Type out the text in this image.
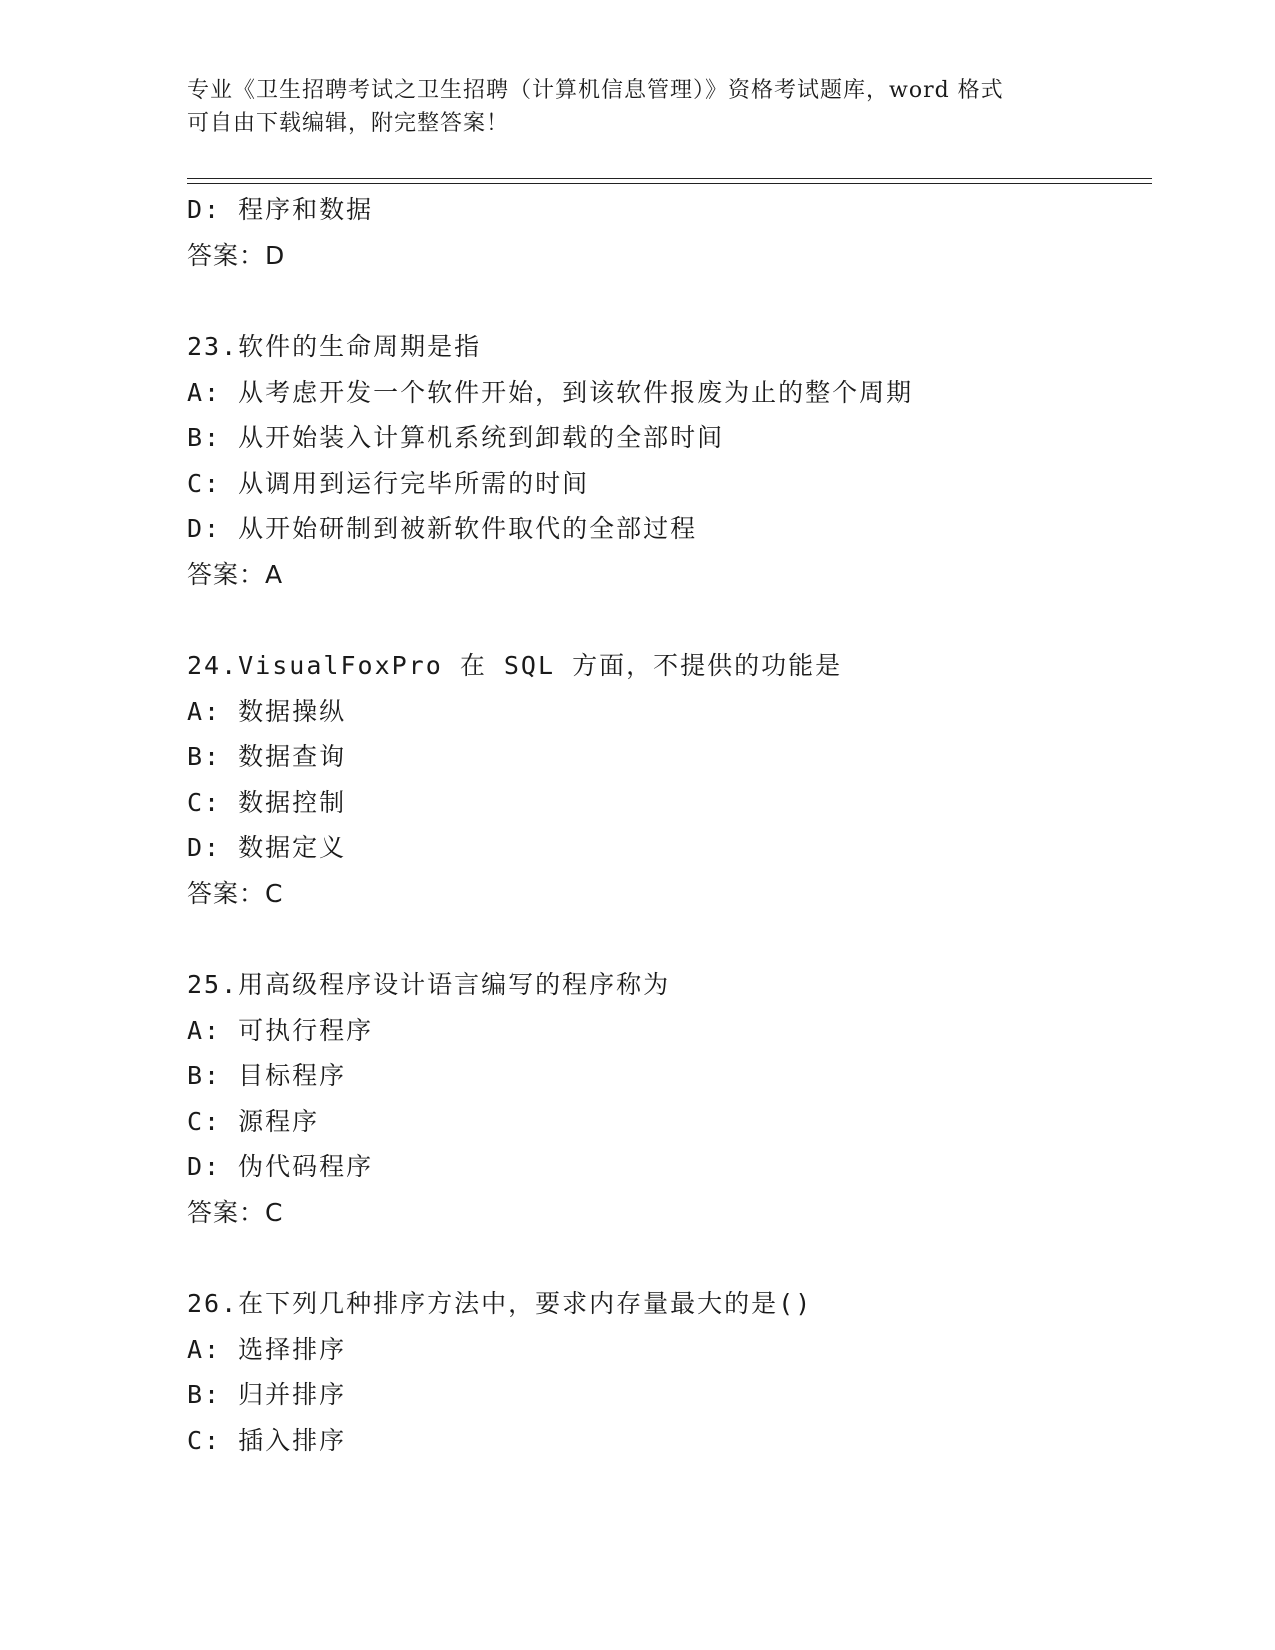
专业《卫生招聘考试之卫生招聘（计算机信息管理）》资格考试题库，word 格式
可自由下载编辑，附完整答案！
D: 程序和数据
答案：D
23.软件的生命周期是指
A: 从考虑开发一个软件开始，到该软件报废为止的整个周期
B: 从开始装入计算机系统到卸载的全部时间
C: 从调用到运行完毕所需的时间
D: 从开始研制到被新软件取代的全部过程
答案：A
24.VisualFoxPro 在 SQL 方面，不提供的功能是
A: 数据操纵
B: 数据查询
C: 数据控制
D: 数据定义
答案：C
25.用高级程序设计语言编写的程序称为
A: 可执行程序
B: 目标程序
C: 源程序
D: 伪代码程序
答案：C
26.在下列几种排序方法中，要求内存量最大的是()
A: 选择排序
B: 归并排序
C: 插入排序
